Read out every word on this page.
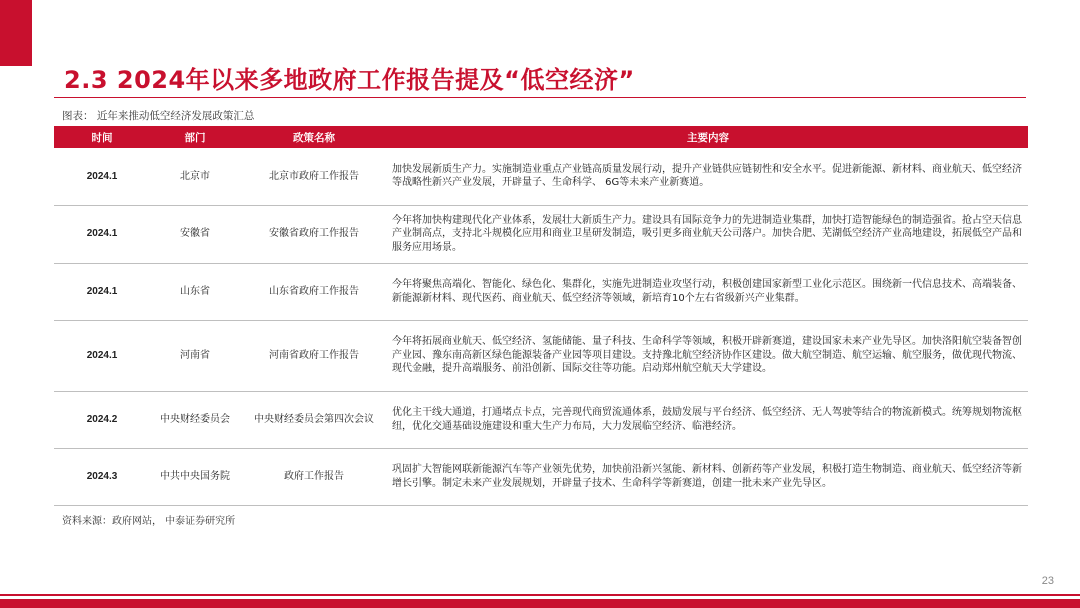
2.3 2024年以来多地政府工作报告提及“低空经济”
图表： 近年来推动低空经济发展政策汇总
时间	部门	政策名称	主要内容
2024.1	北京市	北京市政府工作报告	加快发展新质生产力。实施制造业重点产业链高质量发展行动，提升产业链供应链韧性和安全水平。促进新能源、新材料、商业航天、低空经济等战略性新兴产业发展，开辟量子、生命科学、 6G等未来产业新赛道。
2024.1	安徽省	安徽省政府工作报告	今年将加快构建现代化产业体系，发展壮大新质生产力。建设具有国际竞争力的先进制造业集群，加快打造智能绿色的制造强省。抢占空天信息产业制高点，支持北斗规模化应用和商业卫星研发制造，吸引更多商业航天公司落户。加快合肥、芜湖低空经济产业高地建设，拓展低空产品和服务应用场景。
2024.1	山东省	山东省政府工作报告	今年将聚焦高端化、智能化、绿色化、集群化，实施先进制造业攻坚行动，积极创建国家新型工业化示范区。围绕新一代信息技术、高端装备、新能源新材料、现代医药、商业航天、低空经济等领域，新培育10个左右省级新兴产业集群。
2024.1	河南省	河南省政府工作报告	今年将拓展商业航天、低空经济、氢能储能、量子科技、生命科学等领域，积极开辟新赛道，建设国家未来产业先导区。加快洛阳航空装备智创产业园、豫东南高新区绿色能源装备产业园等项目建设。支持豫北航空经济协作区建设。做大航空制造、航空运输、航空服务，做优现代物流、现代金融，提升高端服务、前沿创新、国际交往等功能。启动郑州航空航天大学建设。
2024.2	中央财经委员会	中央财经委员会第四次会议	优化主干线大通道，打通堵点卡点，完善现代商贸流通体系，鼓励发展与平台经济、低空经济、无人驾驶等结合的物流新模式。统筹规划物流枢纽，优化交通基础设施建设和重大生产力布局，大力发展临空经济、临港经济。
2024.3	中共中央国务院	政府工作报告	巩固扩大智能网联新能源汽车等产业领先优势，加快前沿新兴氢能、新材料、创新药等产业发展，积极打造生物制造、商业航天、低空经济等新增长引擎。制定未来产业发展规划，开辟量子技术、生命科学等新赛道，创建一批未来产业先导区。
资料来源：政府网站， 中泰证券研究所
23
